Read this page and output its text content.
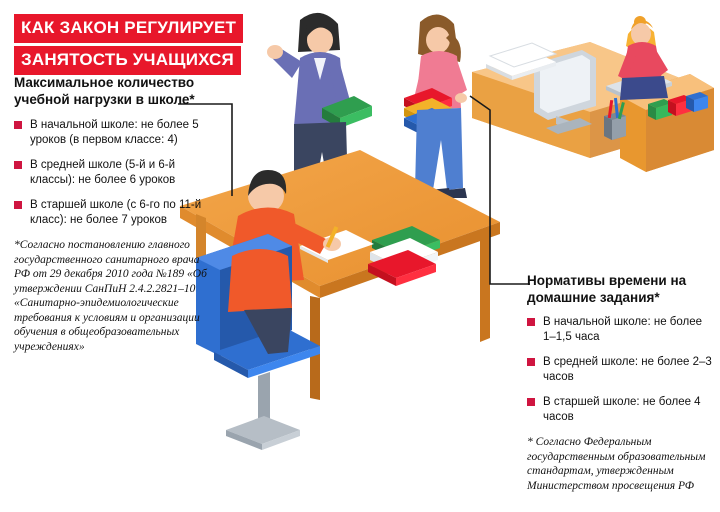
КАК ЗАКОН РЕГУЛИРУЕТ
ЗАНЯТОСТЬ УЧАЩИХСЯ
Максимальное количество учебной нагрузки в школе*
В начальной школе: не более 5 уроков (в первом классе: 4)
В средней школе (5-й и 6-й классы): не более 6 уроков
В старшей школе (с 6-го по 11-й класс): не более 7 уроков
*Согласно постановлению главного государственного санитарного врача РФ от 29 декабря 2010 года №189 «Об утверждении СанПиН 2.4.2.2821–10 «Санитарно-эпидемиологические требования к условиям и организации обучения в общеобразовательных учреждениях»
Нормативы времени на домашние задания*
В начальной школе: не более 1–1,5 часа
В средней школе: не более 2–3 часов
В старшей школе: не более 4 часов
* Согласно Федеральным государственным образовательным стандартам, утвержденным Министерством просвещения РФ
